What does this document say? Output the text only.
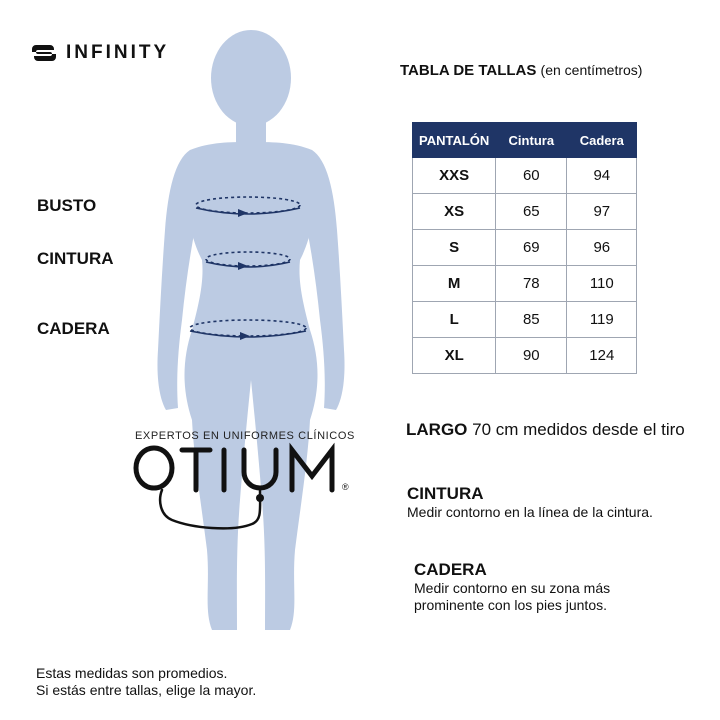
INFINITY
BUSTO
CINTURA
CADERA
EXPERTOS EN UNIFORMES CLÍNICOS
®
TABLA DE TALLAS (en centímetros)
PANTALÓN	Cintura	Cadera
XXS	60	94
XS	65	97
S	69	96
M	78	110
L	85	119
XL	90	124
LARGO 70 cm medidos desde el tiro
CINTURA
Medir contorno en la línea de la cintura.
CADERA
Medir contorno en su zona más prominente con los pies juntos.
Estas medidas son promedios.
Si estás entre tallas, elige la mayor.
